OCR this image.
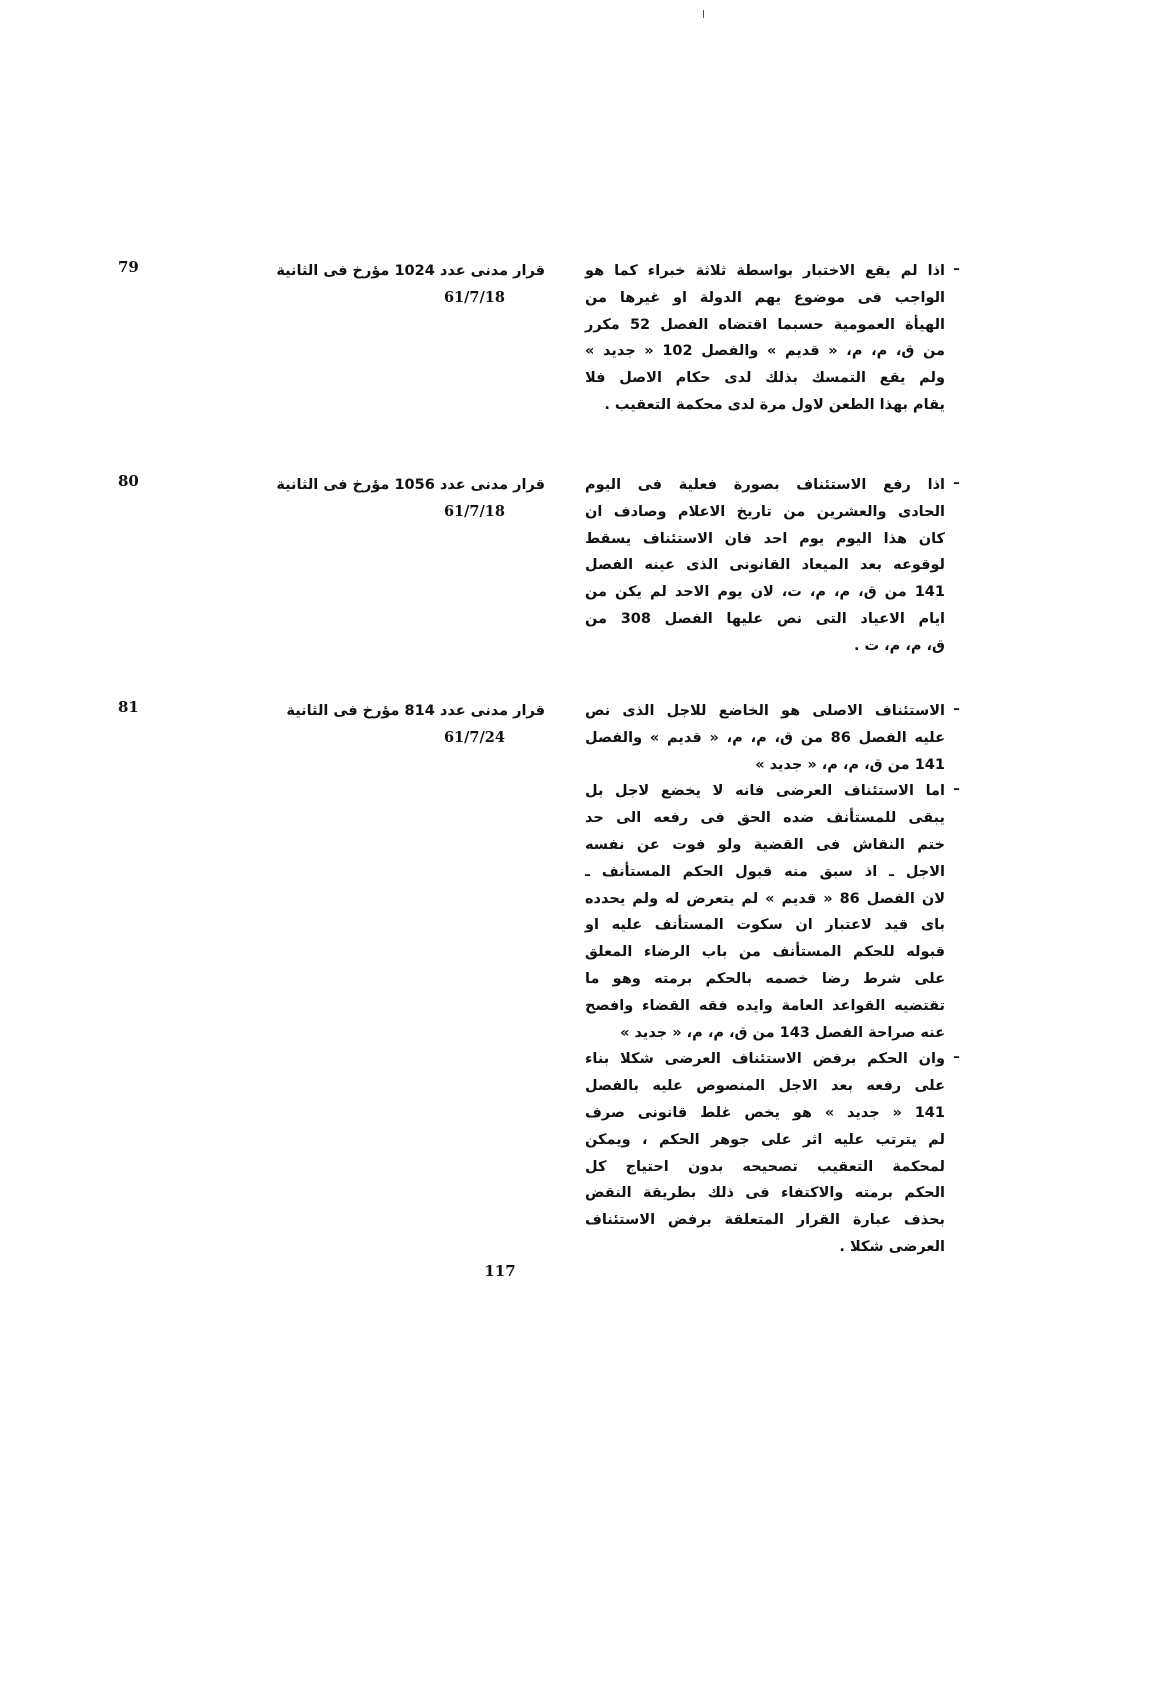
79	قرار مدنى عدد 1024 مؤرخ فى الثانية
61/7/18
ـ
اذا لم يقع الاختبار بواسطة ثلاثة خبراء كما هو
الواجب فى موضوع يهم الدولة او غيرها من
الهيأة العمومية حسبما اقتضاه الفصل 52 مكرر
من ق، م، م، « قديم » والفصل 102 « جديد »
ولم يقع التمسك بذلك لدى حكام الاصل فلا
يقام بهذا الطعن لاول مرة لدى محكمة التعقيب .
80	قرار مدنى عدد 1056 مؤرخ فى الثانية
61/7/18
ـ
اذا رفع الاستئناف بصورة فعلية فى اليوم
الحادى والعشرين من تاريخ الاعلام وصادف ان
كان هذا اليوم يوم احد فان الاستئناف يسقط
لوقوعه بعد الميعاد القانونى الذى عينه الفصل
141 من ق، م، م، ت، لان يوم الاحد لم يكن من
ايام الاعياد التى نص عليها الفصل 308 من
ق، م، م، ت .
81	قرار مدنى عدد 814 مؤرخ فى الثانية
61/7/24
ـ
الاستئناف الاصلى هو الخاضع للاجل الذى نص
عليه الفصل 86 من ق، م، م، « قديم » والفصل
141 من ق، م، م، « جديد »
ـ
اما الاستئناف العرضى فانه لا يخضع لاجل بل
يبقى للمستأنف ضده الحق فى رفعه الى حد
ختم النقاش فى القضية ولو فوت عن نفسه
الاجل ـ اذ سبق منه قبول الحكم المستأنف ـ
لان الفصل 86 « قديم » لم يتعرض له ولم يحدده
باى قيد لاعتبار ان سكوت المستأنف عليه او
قبوله للحكم المستأنف من باب الرضاء المعلق
على شرط رضا خصمه بالحكم برمته وهو ما
تقتضيه القواعد العامة وايده فقه القضاء وافصح
عنه صراحة الفصل 143 من ق، م، م، « جديد »
ـ
وان الحكم برفض الاستئناف العرضى شكلا بناء
على رفعه بعد الاجل المنصوص عليه بالفصل
141 « جديد » هو يخص غلط قانونى صرف
لم يترتب عليه اثر على جوهر الحكم ، ويمكن
لمحكمة التعقيب تصحيحه بدون احتياج كل
الحكم برمته والاكتفاء فى ذلك بطريقة النقض
بحذف عبارة القرار المتعلقة برفض الاستئناف
العرضى شكلا .
117
